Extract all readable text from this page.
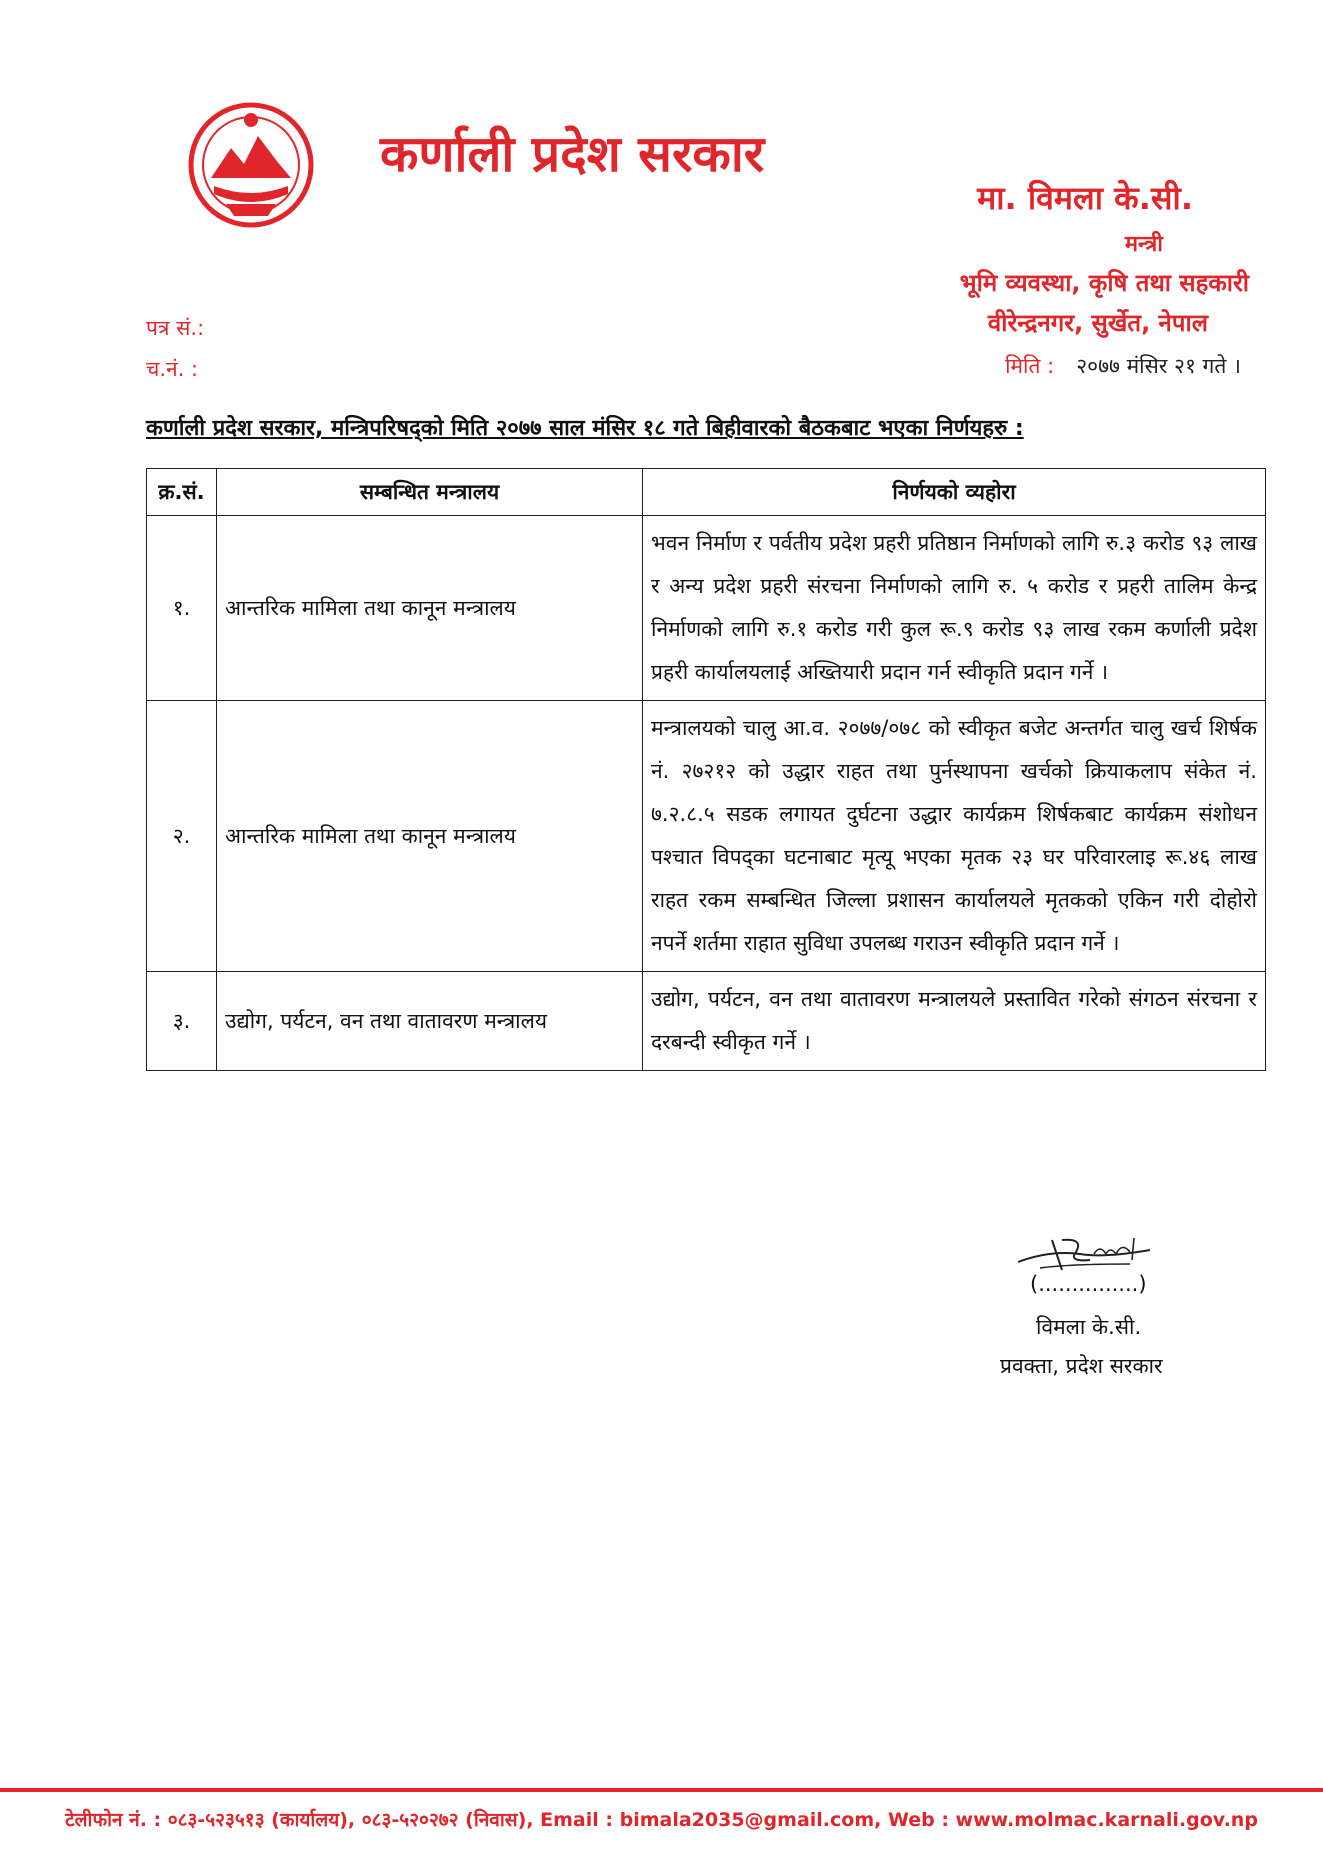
कर्णाली प्रदेश सरकार
मा. विमला के.सी.
मन्त्री
भूमि व्यवस्था, कृषि तथा सहकारी
वीरेन्द्रनगर, सुर्खेत, नेपाल
पत्र सं.:
च.नं. :	मिति : २०७७ मंसिर २१ गते ।
कर्णाली प्रदेश सरकार, मन्त्रिपरिषद्को मिति २०७७ साल मंसिर १८ गते बिहीवारको बैठकबाट भएका निर्णयहरु :
क्र.सं.	सम्बन्धित मन्त्रालय	निर्णयको व्यहोरा
१.	आन्तरिक मामिला तथा कानून मन्त्रालय	भवन निर्माण र पर्वतीय प्रदेश प्रहरी प्रतिष्ठान निर्माणको लागि रु.३ करोड ९३ लाख र अन्य प्रदेश प्रहरी संरचना निर्माणको लागि रु. ५ करोड र प्रहरी तालिम केन्द्र निर्माणको लागि रु.१ करोड गरी कुल रू.९ करोड ९३ लाख रकम कर्णाली प्रदेश प्रहरी कार्यालयलाई अख्तियारी प्रदान गर्न स्वीकृति प्रदान गर्ने ।
२.	आन्तरिक मामिला तथा कानून मन्त्रालय	मन्त्रालयको चालु आ.व. २०७७/०७८ को स्वीकृत बजेट अन्तर्गत चालु खर्च शिर्षक नं. २७२१२ को उद्धार राहत तथा पुर्नस्थापना खर्चको क्रियाकलाप संकेत नं. ७.२.८.५ सडक लगायत दुर्घटना उद्धार कार्यक्रम शिर्षकबाट कार्यक्रम संशोधन पश्चात विपद्का घटनाबाट मृत्यू भएका मृतक २३ घर परिवारलाइ रू.४६ लाख राहत रकम सम्बन्धित जिल्ला प्रशासन कार्यालयले मृतकको एकिन गरी दोहोरो नपर्ने शर्तमा राहात सुविधा उपलब्ध गराउन स्वीकृति प्रदान गर्ने ।
३.	उद्योग, पर्यटन, वन तथा वातावरण मन्त्रालय	उद्योग, पर्यटन, वन तथा वातावरण मन्त्रालयले प्रस्तावित गरेको संगठन संरचना र दरबन्दी स्वीकृत गर्ने ।
(...............)
विमला के.सी.
प्रवक्ता, प्रदेश सरकार
टेलीफोन नं. : ०८३-५२३५१३ (कार्यालय), ०८३-५२०२७२ (निवास), Email : bimala2035@gmail.com, Web : www.molmac.karnali.gov.np
